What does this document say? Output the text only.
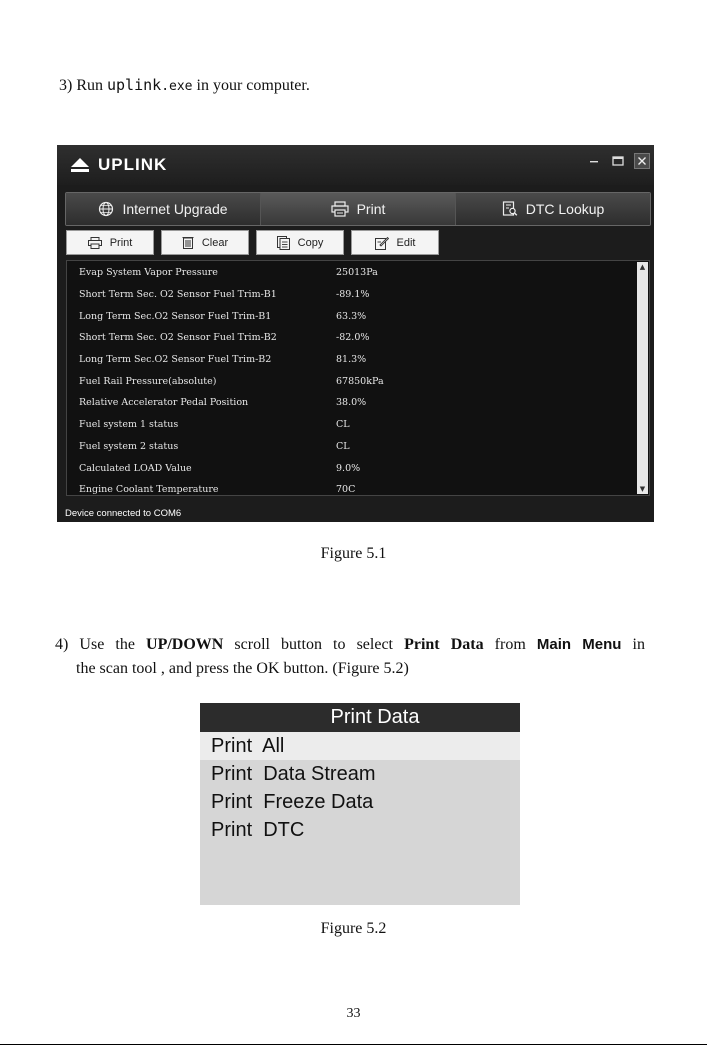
3) Run uplink.exe in your computer.
UPLINK
Internet Upgrade	Print	DTC Lookup
Print	Clear	Copy	Edit
Evap System Vapor Pressure	25013Pa
Short Term Sec. O2 Sensor Fuel Trim-B1	-89.1%
Long Term Sec.O2 Sensor Fuel Trim-B1	63.3%
Short Term Sec. O2 Sensor Fuel Trim-B2	-82.0%
Long Term Sec.O2 Sensor Fuel Trim-B2	81.3%
Fuel Rail Pressure(absolute)	67850kPa
Relative Accelerator Pedal Position	38.0%
Fuel system 1 status	CL
Fuel system 2 status	CL
Calculated LOAD Value	9.0%
Engine Coolant Temperature	70C
▲
▼
Device connected to COM6
Figure 5.1
4) Use the UP/DOWN scroll button to select Print Data from Main Menu in
the scan tool , and press the OK button. (Figure 5.2)
Print Data
Print  All
Print  Data Stream
Print  Freeze Data
Print  DTC
Figure 5.2
33
